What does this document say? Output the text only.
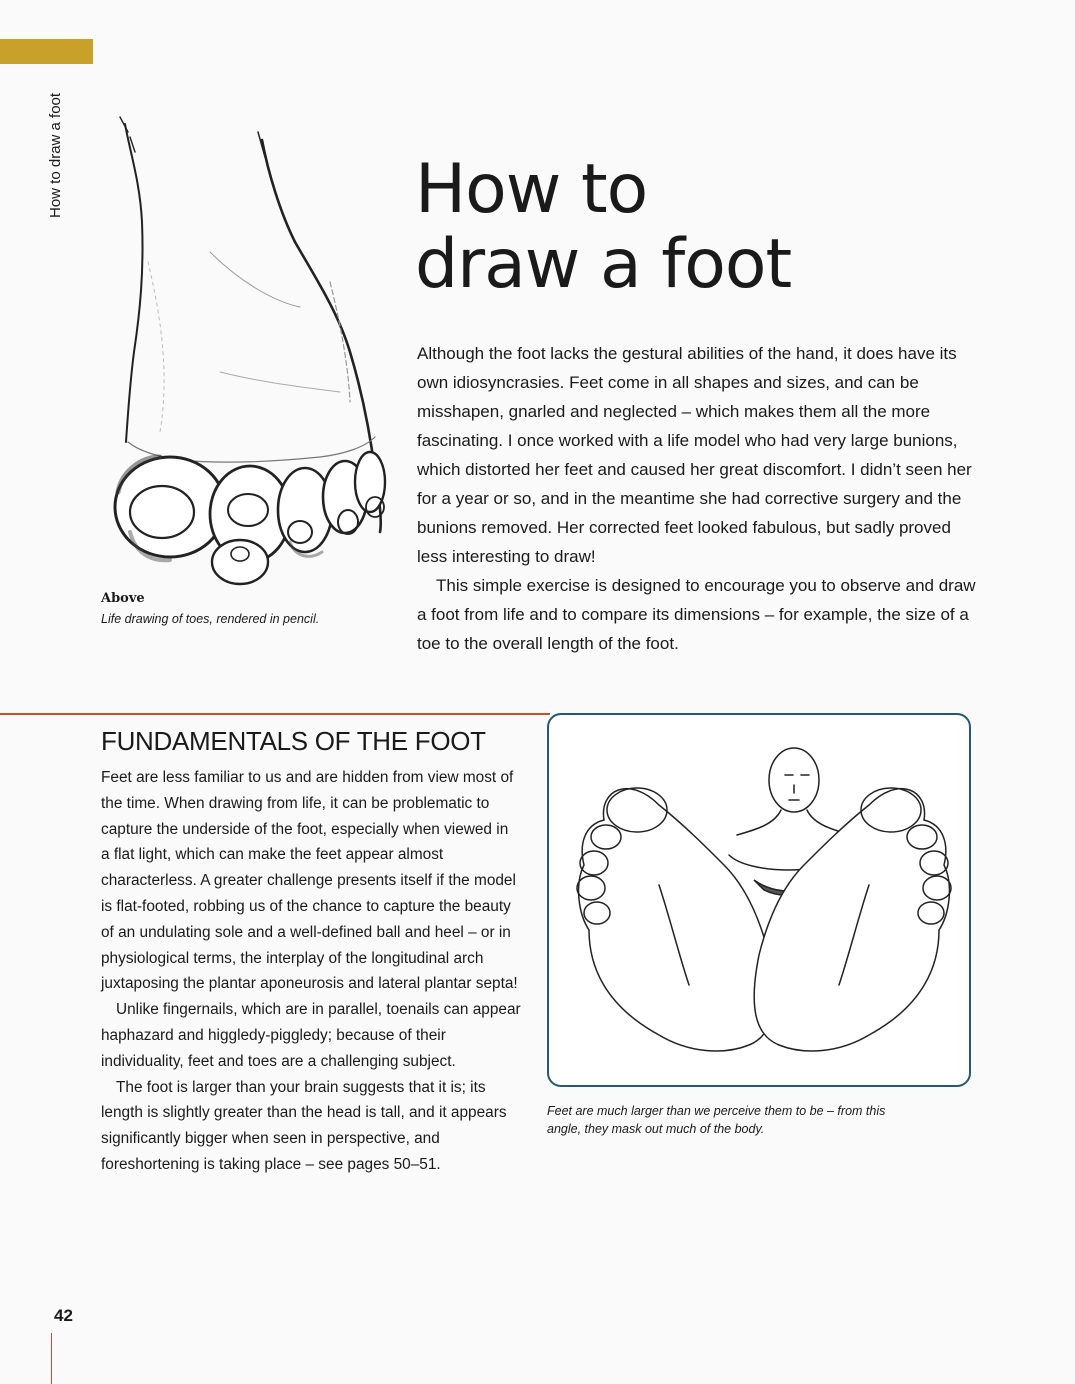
How to draw a foot
Above
Life drawing of toes, rendered in pencil.
How to
draw a foot

Although the foot lacks the gestural abilities of the hand, it does have its own idiosyncrasies. Feet come in all shapes and sizes, and can be misshapen, gnarled and neglected – which makes them all the more fascinating. I once worked with a life model who had very large bunions, which distorted her feet and caused her great discomfort. I didn’t seen her for a year or so, and in the meantime she had corrective surgery and the bunions removed. Her corrected feet looked fabulous, but sadly proved less interesting to draw!

This simple exercise is designed to encourage you to observe and draw a foot from life and to compare its dimensions – for example, the size of a toe to the overall length of the foot.

FUNDAMENTALS OF THE FOOT

Feet are less familiar to us and are hidden from view most of the time. When drawing from life, it can be problematic to capture the underside of the foot, especially when viewed in a flat light, which can make the feet appear almost characterless. A greater challenge presents itself if the model is flat-footed, robbing us of the chance to capture the beauty of an undulating sole and a well-defined ball and heel – or in physiological terms, the interplay of the longitudinal arch juxtaposing the plantar aponeurosis and lateral plantar septa!

Unlike fingernails, which are in parallel, toenails can appear haphazard and higgledy-piggledy; because of their individuality, feet and toes are a challenging subject.

The foot is larger than your brain suggests that it is; its length is slightly greater than the head is tall, and it appears significantly bigger when seen in perspective, and foreshortening is taking place – see pages 50–51.

Feet are much larger than we perceive them to be – from this angle, they mask out much of the body.
42
